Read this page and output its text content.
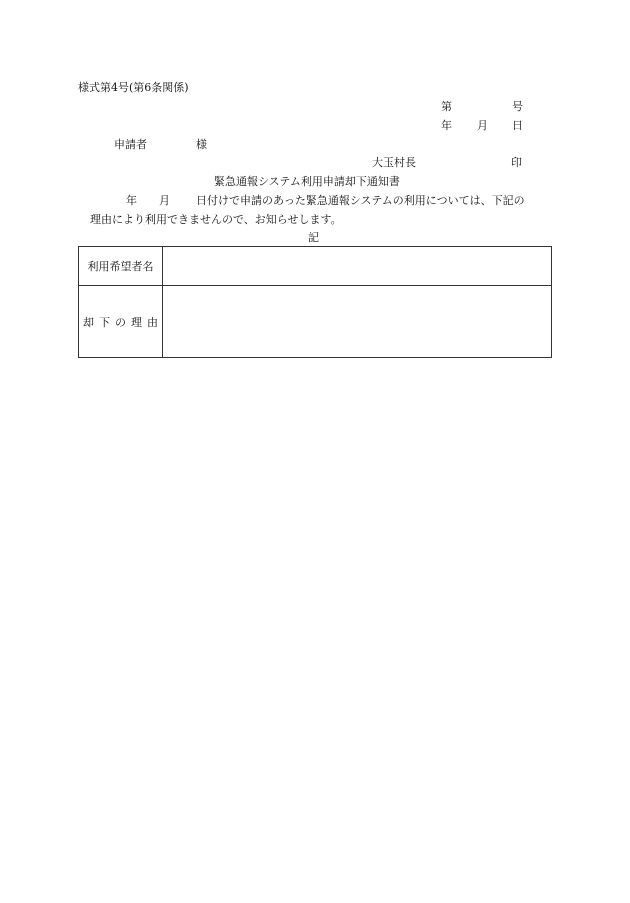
様式第4号(第6条関係)
第	号
年 月 日
申請者	様
大玉村長	印
緊急通報システム利用申請却下通知書
年 月 日付けで申請のあった緊急通報システムの利用については、下記の
理由により利用できませんので、お知らせします。
記
利用希望者名	
却下の理由	
